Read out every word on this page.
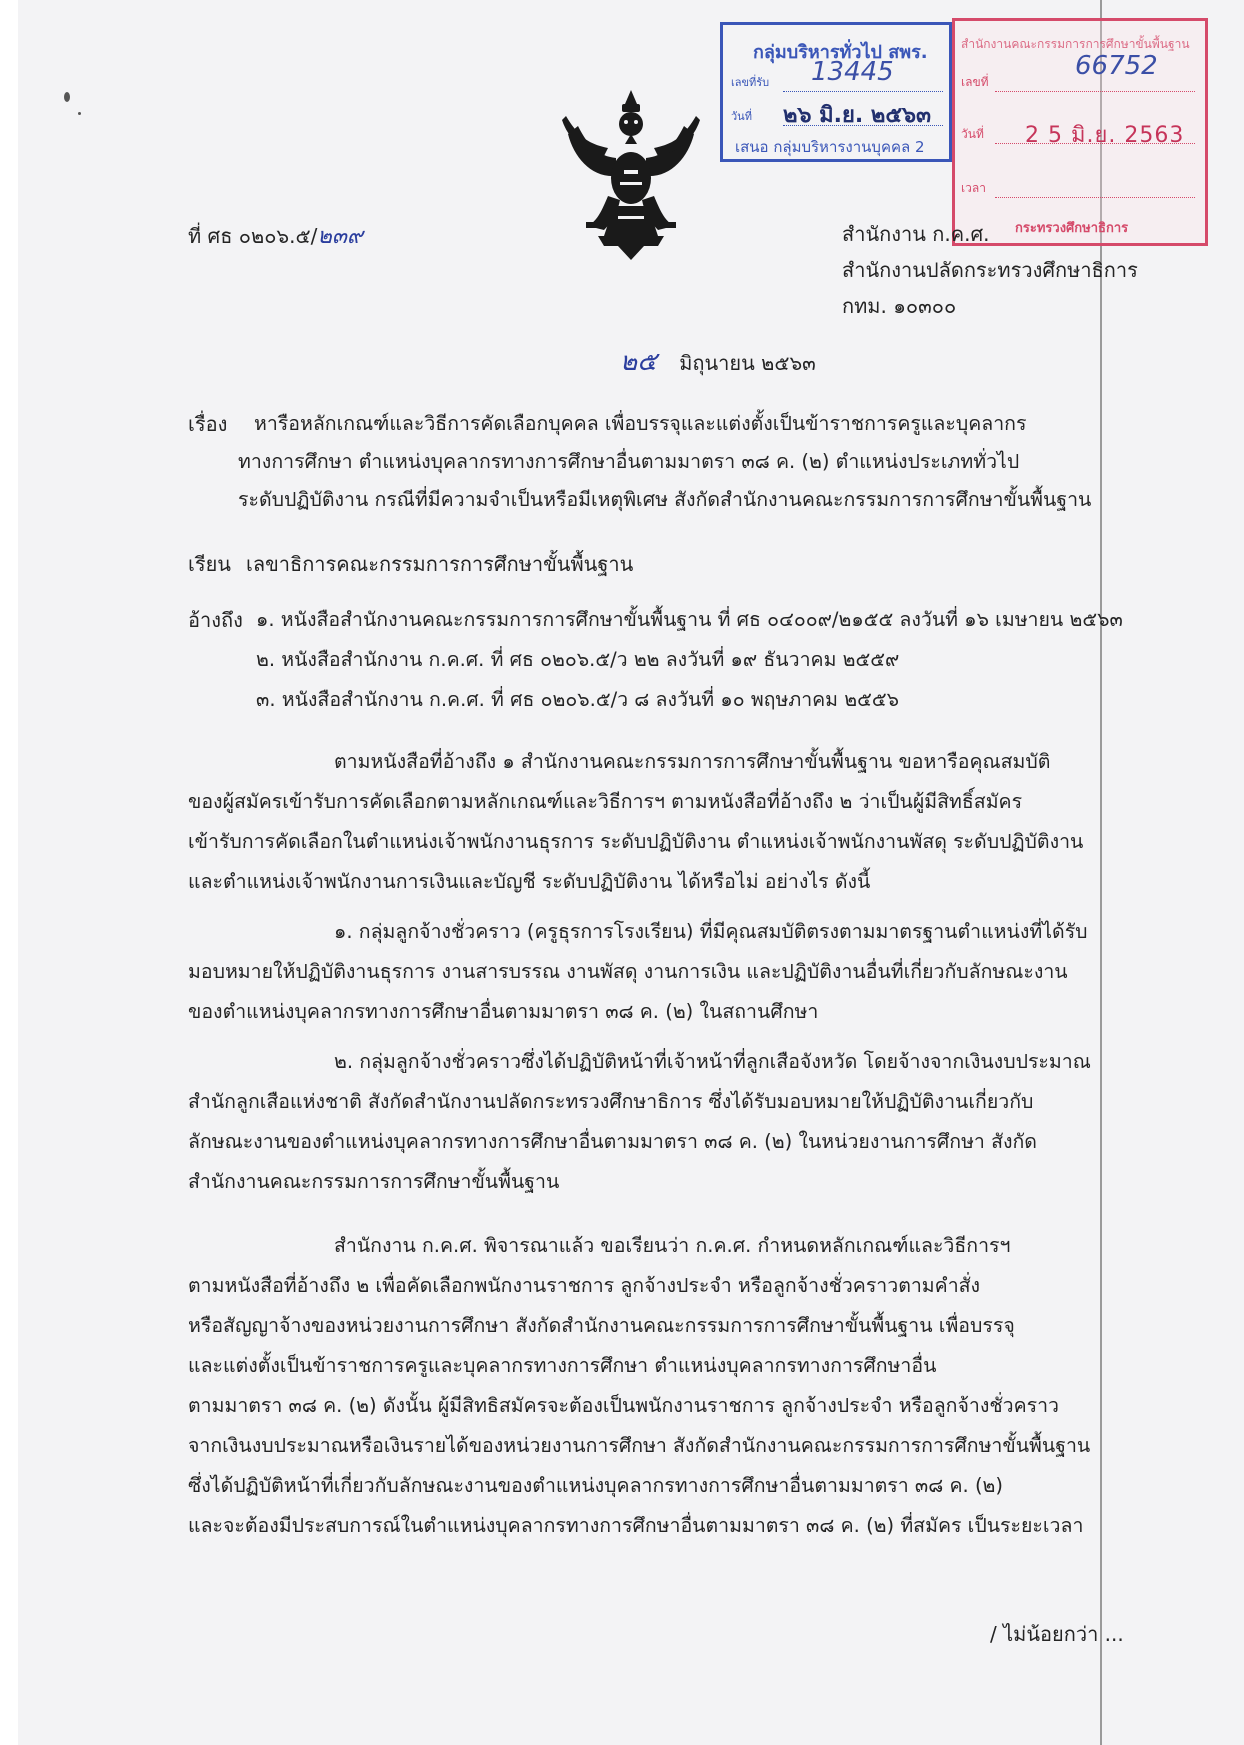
กลุ่มบริหารทั่วไป สพร.
เลขที่รับ 13445
วันที่ ๒๖ มิ.ย. ๒๕๖๓
เสนอ กลุ่มบริหารงานบุคคล 2
สำนักงานคณะกรรมการการศึกษาขั้นพื้นฐาน
เลขที่
66752
วันที่ 2 5 มิ.ย. 2563
เวลา
กระทรวงศึกษาธิการ
ที่ ศธ ๐๒๐๖.๕/๒๓๙	สำนักงาน ก.ค.ศ.
สำนักงานปลัดกระทรวงศึกษาธิการ
กทม. ๑๐๓๐๐
๒๕ มิถุนายน ๒๕๖๓
เรื่อง หารือหลักเกณฑ์และวิธีการคัดเลือกบุคคล เพื่อบรรจุและแต่งตั้งเป็นข้าราชการครูและบุคลากร
ทางการศึกษา ตำแหน่งบุคลากรทางการศึกษาอื่นตามมาตรา ๓๘ ค. (๒) ตำแหน่งประเภททั่วไป
ระดับปฏิบัติงาน กรณีที่มีความจำเป็นหรือมีเหตุพิเศษ สังกัดสำนักงานคณะกรรมการการศึกษาขั้นพื้นฐาน
เรียน เลขาธิการคณะกรรมการการศึกษาขั้นพื้นฐาน
อ้างถึง ๑. หนังสือสำนักงานคณะกรรมการการศึกษาขั้นพื้นฐาน ที่ ศธ ๐๔๐๐๙/๒๑๕๕ ลงวันที่ ๑๖ เมษายน ๒๕๖๓
๒. หนังสือสำนักงาน ก.ค.ศ. ที่ ศธ ๐๒๐๖.๕/ว ๒๒ ลงวันที่ ๑๙ ธันวาคม ๒๕๕๙
๓. หนังสือสำนักงาน ก.ค.ศ. ที่ ศธ ๐๒๐๖.๕/ว ๘ ลงวันที่ ๑๐ พฤษภาคม ๒๕๕๖
ตามหนังสือที่อ้างถึง ๑ สำนักงานคณะกรรมการการศึกษาขั้นพื้นฐาน ขอหารือคุณสมบัติ
ของผู้สมัครเข้ารับการคัดเลือกตามหลักเกณฑ์และวิธีการฯ ตามหนังสือที่อ้างถึง ๒ ว่าเป็นผู้มีสิทธิ์สมัคร
เข้ารับการคัดเลือกในตำแหน่งเจ้าพนักงานธุรการ ระดับปฏิบัติงาน ตำแหน่งเจ้าพนักงานพัสดุ ระดับปฏิบัติงาน
และตำแหน่งเจ้าพนักงานการเงินและบัญชี ระดับปฏิบัติงาน ได้หรือไม่ อย่างไร ดังนี้
๑. กลุ่มลูกจ้างชั่วคราว (ครูธุรการโรงเรียน) ที่มีคุณสมบัติตรงตามมาตรฐานตำแหน่งที่ได้รับ
มอบหมายให้ปฏิบัติงานธุรการ งานสารบรรณ งานพัสดุ งานการเงิน และปฏิบัติงานอื่นที่เกี่ยวกับลักษณะงาน
ของตำแหน่งบุคลากรทางการศึกษาอื่นตามมาตรา ๓๘ ค. (๒) ในสถานศึกษา
๒. กลุ่มลูกจ้างชั่วคราวซึ่งได้ปฏิบัติหน้าที่เจ้าหน้าที่ลูกเสือจังหวัด โดยจ้างจากเงินงบประมาณ
สำนักลูกเสือแห่งชาติ สังกัดสำนักงานปลัดกระทรวงศึกษาธิการ ซึ่งได้รับมอบหมายให้ปฏิบัติงานเกี่ยวกับ
ลักษณะงานของตำแหน่งบุคลากรทางการศึกษาอื่นตามมาตรา ๓๘ ค. (๒) ในหน่วยงานการศึกษา สังกัด
สำนักงานคณะกรรมการการศึกษาขั้นพื้นฐาน
สำนักงาน ก.ค.ศ. พิจารณาแล้ว ขอเรียนว่า ก.ค.ศ. กำหนดหลักเกณฑ์และวิธีการฯ
ตามหนังสือที่อ้างถึง ๒ เพื่อคัดเลือกพนักงานราชการ ลูกจ้างประจำ หรือลูกจ้างชั่วคราวตามคำสั่ง
หรือสัญญาจ้างของหน่วยงานการศึกษา สังกัดสำนักงานคณะกรรมการการศึกษาขั้นพื้นฐาน เพื่อบรรจุ
และแต่งตั้งเป็นข้าราชการครูและบุคลากรทางการศึกษา ตำแหน่งบุคลากรทางการศึกษาอื่น
ตามมาตรา ๓๘ ค. (๒) ดังนั้น ผู้มีสิทธิสมัครจะต้องเป็นพนักงานราชการ ลูกจ้างประจำ หรือลูกจ้างชั่วคราว
จากเงินงบประมาณหรือเงินรายได้ของหน่วยงานการศึกษา สังกัดสำนักงานคณะกรรมการการศึกษาขั้นพื้นฐาน
ซึ่งได้ปฏิบัติหน้าที่เกี่ยวกับลักษณะงานของตำแหน่งบุคลากรทางการศึกษาอื่นตามมาตรา ๓๘ ค. (๒)
และจะต้องมีประสบการณ์ในตำแหน่งบุคลากรทางการศึกษาอื่นตามมาตรา ๓๘ ค. (๒) ที่สมัคร เป็นระยะเวลา
/ ไม่น้อยกว่า ...
